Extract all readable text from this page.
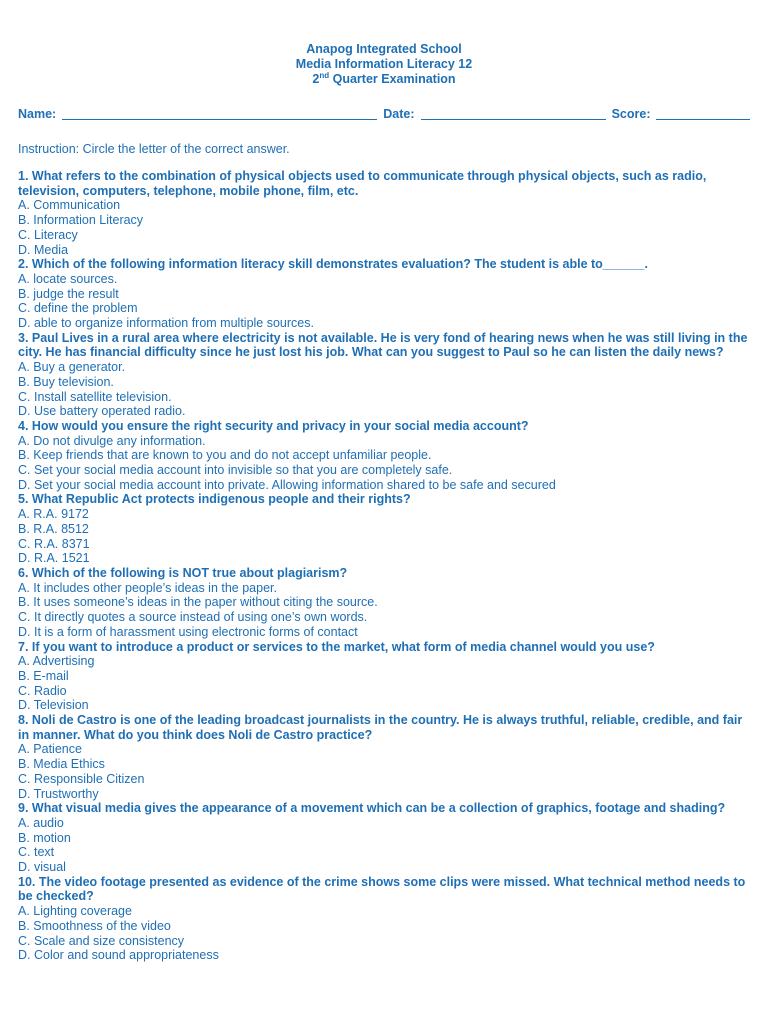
Anapog Integrated School
Media Information Literacy 12
2nd Quarter Examination
Name:	Date:	Score:
Instruction: Circle the letter of the correct answer.
1. What refers to the combination of physical objects used to communicate through physical objects, such as radio, television, computers, telephone, mobile phone, film, etc.
A. Communication
B. Information Literacy
C. Literacy
D. Media
2. Which of the following information literacy skill demonstrates evaluation? The student is able to______.
A. locate sources.
B. judge the result
C. define the problem
D. able to organize information from multiple sources.
3. Paul Lives in a rural area where electricity is not available. He is very fond of hearing news when he was still living in the city. He has financial difficulty since he just lost his job. What can you suggest to Paul so he can listen the daily news?
A. Buy a generator.
B. Buy television.
C. Install satellite television.
D. Use battery operated radio.
4. How would you ensure the right security and privacy in your social media account?
A. Do not divulge any information.
B. Keep friends that are known to you and do not accept unfamiliar people.
C. Set your social media account into invisible so that you are completely safe.
D. Set your social media account into private. Allowing information shared to be safe and secured
5. What Republic Act protects indigenous people and their rights?
A. R.A. 9172
B. R.A. 8512
C. R.A. 8371
D. R.A. 1521
6. Which of the following is NOT true about plagiarism?
A. It includes other people’s ideas in the paper.
B. It uses someone’s ideas in the paper without citing the source.
C. It directly quotes a source instead of using one’s own words.
D. It is a form of harassment using electronic forms of contact
7. If you want to introduce a product or services to the market, what form of media channel would you use?
A. Advertising
B. E-mail
C. Radio
D. Television
8. Noli de Castro is one of the leading broadcast journalists in the country. He is always truthful, reliable, credible, and fair in manner. What do you think does Noli de Castro practice?
A. Patience
B. Media Ethics
C. Responsible Citizen
D. Trustworthy
9. What visual media gives the appearance of a movement which can be a collection of graphics, footage and shading?
A. audio
B. motion
C. text
D. visual
10. The video footage presented as evidence of the crime shows some clips were missed. What technical method needs to be checked?
A. Lighting coverage
B. Smoothness of the video
C. Scale and size consistency
D. Color and sound appropriateness
